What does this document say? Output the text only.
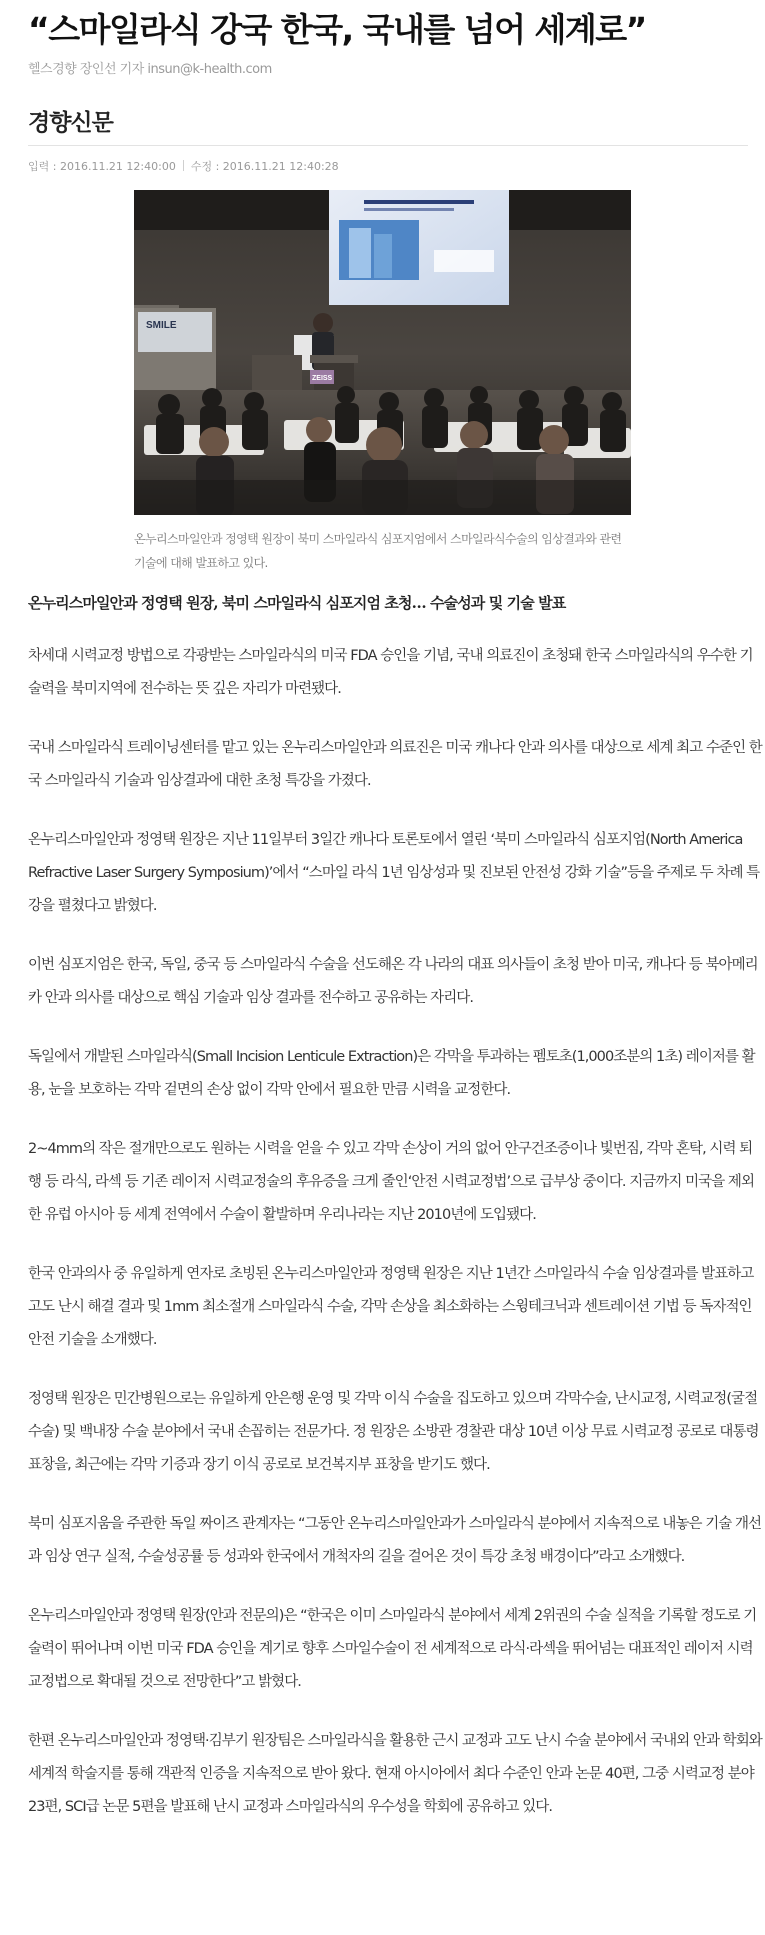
“스마일라식 강국 한국, 국내를 넘어 세계로”
헬스경향 장인선 기자 insun@k-health.com
경향신문
입력 : 2016.11.21 12:40:00 수정 : 2016.11.21 12:40:28
SMILE
ZEISS
온누리스마일안과 정영택 원장이 북미 스마일라식 심포지엄에서 스마일라식수술의 임상결과와 관련 기술에 대해 발표하고 있다.
온누리스마일안과 정영택 원장, 북미 스마일라식 심포지엄 초청… 수술성과 및 기술 발표

차세대 시력교정 방법으로 각광받는 스마일라식의 미국 FDA 승인을 기념, 국내 의료진이 초청돼 한국 스마일라식의 우수한 기술력을 북미지역에 전수하는 뜻 깊은 자리가 마련됐다.

국내 스마일라식 트레이닝센터를 맡고 있는 온누리스마일안과 의료진은 미국 캐나다 안과 의사를 대상으로 세계 최고 수준인 한국 스마일라식 기술과 임상결과에 대한 초청 특강을 가졌다.

온누리스마일안과 정영택 원장은 지난 11일부터 3일간 캐나다 토론토에서 열린 ‘북미 스마일라식 심포지엄(North America Refractive Laser Surgery Symposium)’에서 “스마일 라식 1년 임상성과 및 진보된 안전성 강화 기술”등을 주제로 두 차례 특강을 펼쳤다고 밝혔다.

이번 심포지엄은 한국, 독일, 중국 등 스마일라식 수술을 선도해온 각 나라의 대표 의사들이 초청 받아 미국, 캐나다 등 북아메리카 안과 의사를 대상으로 핵심 기술과 임상 결과를 전수하고 공유하는 자리다.

독일에서 개발된 스마일라식(Small Incision Lenticule Extraction)은 각막을 투과하는 펨토초(1,000조분의 1초) 레이저를 활용, 눈을 보호하는 각막 겉면의 손상 없이 각막 안에서 필요한 만큼 시력을 교정한다.

2~4mm의 작은 절개만으로도 원하는 시력을 얻을 수 있고 각막 손상이 거의 없어 안구건조증이나 빛번짐, 각막 혼탁, 시력 퇴행 등 라식, 라섹 등 기존 레이저 시력교정술의 후유증을 크게 줄인‘안전 시력교정법’으로 급부상 중이다. 지금까지 미국을 제외한 유럽 아시아 등 세계 전역에서 수술이 활발하며 우리나라는 지난 2010년에 도입됐다.

한국 안과의사 중 유일하게 연자로 초빙된 온누리스마일안과 정영택 원장은 지난 1년간 스마일라식 수술 임상결과를 발표하고 고도 난시 해결 결과 및 1mm 최소절개 스마일라식 수술, 각막 손상을 최소화하는 스윙테크닉과 센트레이션 기법 등 독자적인 안전 기술을 소개했다.

정영택 원장은 민간병원으로는 유일하게 안은행 운영 및 각막 이식 수술을 집도하고 있으며 각막수술, 난시교정, 시력교정(굴절수술) 및 백내장 수술 분야에서 국내 손꼽히는 전문가다. 정 원장은 소방관 경찰관 대상 10년 이상 무료 시력교정 공로로 대통령 표창을, 최근에는 각막 기증과 장기 이식 공로로 보건복지부 표창을 받기도 했다.

북미 심포지움을 주관한 독일 짜이즈 관계자는 “그동안 온누리스마일안과가 스마일라식 분야에서 지속적으로 내놓은 기술 개선과 임상 연구 실적, 수술성공률 등 성과와 한국에서 개척자의 길을 걸어온 것이 특강 초청 배경이다”라고 소개했다.

온누리스마일안과 정영택 원장(안과 전문의)은 “한국은 이미 스마일라식 분야에서 세계 2위권의 수술 실적을 기록할 정도로 기술력이 뛰어나며 이번 미국 FDA 승인을 계기로 향후 스마일수술이 전 세계적으로 라식·라섹을 뛰어넘는 대표적인 레이저 시력교정법으로 확대될 것으로 전망한다”고 밝혔다.

한편 온누리스마일안과 정영택·김부기 원장팀은 스마일라식을 활용한 근시 교정과 고도 난시 수술 분야에서 국내외 안과 학회와 세계적 학술지를 통해 객관적 인증을 지속적으로 받아 왔다. 현재 아시아에서 최다 수준인 안과 논문 40편, 그중 시력교정 분야 23편, SCI급 논문 5편을 발표해 난시 교정과 스마일라식의 우수성을 학회에 공유하고 있다.
